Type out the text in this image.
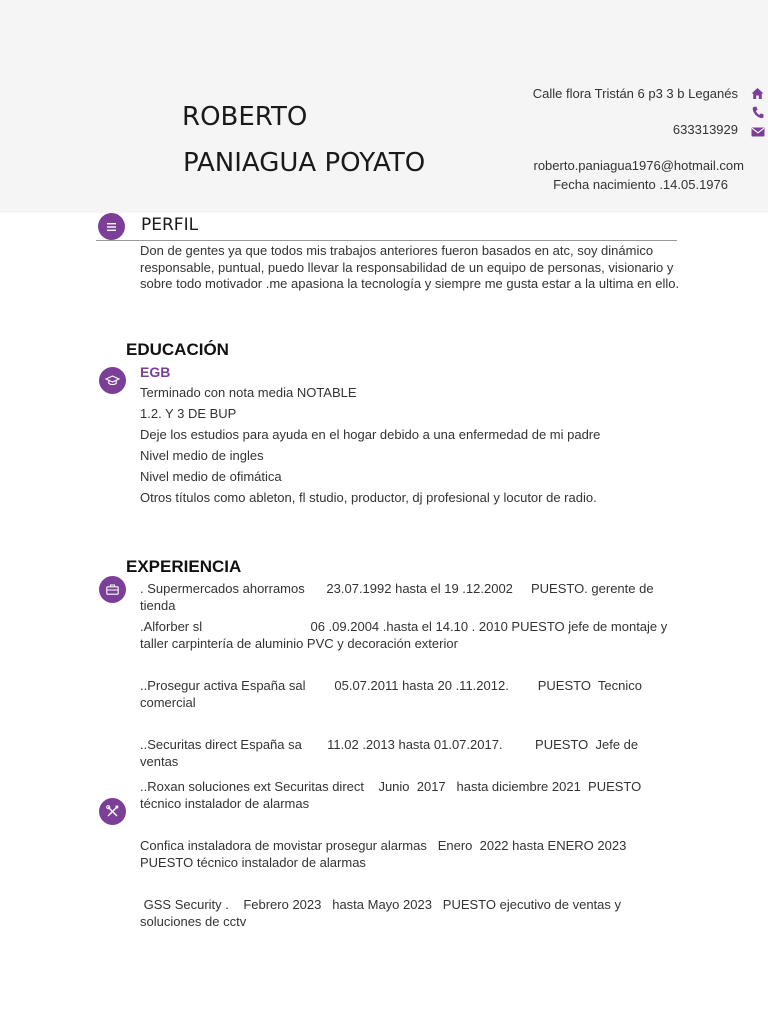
ROBERTO
PANIAGUA POYATO
Calle flora Tristán 6 p3 3 b Leganés
633313929
roberto.paniagua1976@hotmail.com
Fecha nacimiento .14.05.1976
PERFIL
Don de gentes ya que todos mis trabajos anteriores fueron basados en atc, soy dinámico responsable, puntual, puedo llevar la responsabilidad de un equipo de personas, visionario y sobre todo motivador .me apasiona la tecnología y siempre me gusta estar a la ultima en ello.
EDUCACIÓN
EGB
Terminado con nota media NOTABLE
1.2. Y 3 DE BUP
Deje los estudios para ayuda en el hogar debido a una enfermedad de mi padre
Nivel medio de ingles
Nivel medio de ofimática
Otros títulos como ableton, fl studio, productor, dj profesional y locutor de radio.
EXPERIENCIA
. Supermercados ahorramos      23.07.1992 hasta el 19 .12.2002     PUESTO. gerente de tienda
.Alforber sl                              06 .09.2004 .hasta el 14.10 . 2010 PUESTO jefe de montaje y taller carpintería de aluminio PVC y decoración exterior
..Prosegur activa España sal        05.07.2011 hasta 20 .11.2012.        PUESTO  Tecnico comercial
..Securitas direct España sa       11.02 .2013 hasta 01.07.2017.         PUESTO  Jefe de ventas
..Roxan soluciones ext Securitas direct    Junio  2017   hasta diciembre 2021  PUESTO técnico instalador de alarmas
Confica instaladora de movistar prosegur alarmas   Enero  2022 hasta ENERO 2023  PUESTO técnico instalador de alarmas
GSS Security .    Febrero 2023   hasta Mayo 2023   PUESTO ejecutivo de ventas y soluciones de cctv
